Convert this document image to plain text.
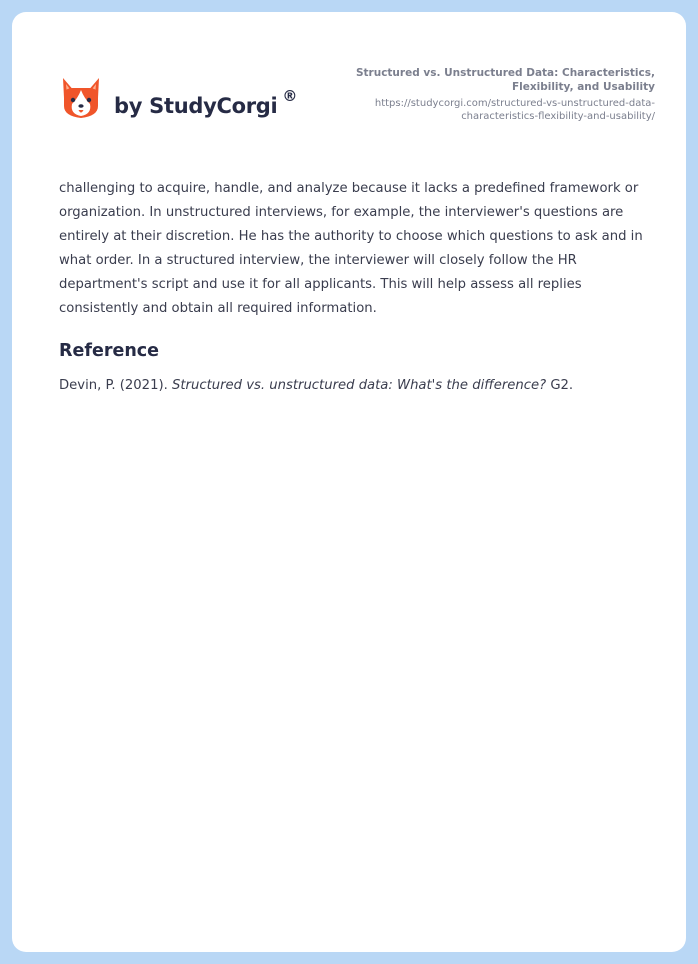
by StudyCorgi ®
Structured vs. Unstructured Data: Characteristics, Flexibility, and Usability
https://studycorgi.com/structured-vs-unstructured-data-characteristics-flexibility-and-usability/

challenging to acquire, handle, and analyze because it lacks a predefined framework or organization. In unstructured interviews, for example, the interviewer's questions are entirely at their discretion. He has the authority to choose which questions to ask and in what order. In a structured interview, the interviewer will closely follow the HR department's script and use it for all applicants. This will help assess all replies consistently and obtain all required information.

Reference

Devin, P. (2021). Structured vs. unstructured data: What's the difference? G2.
